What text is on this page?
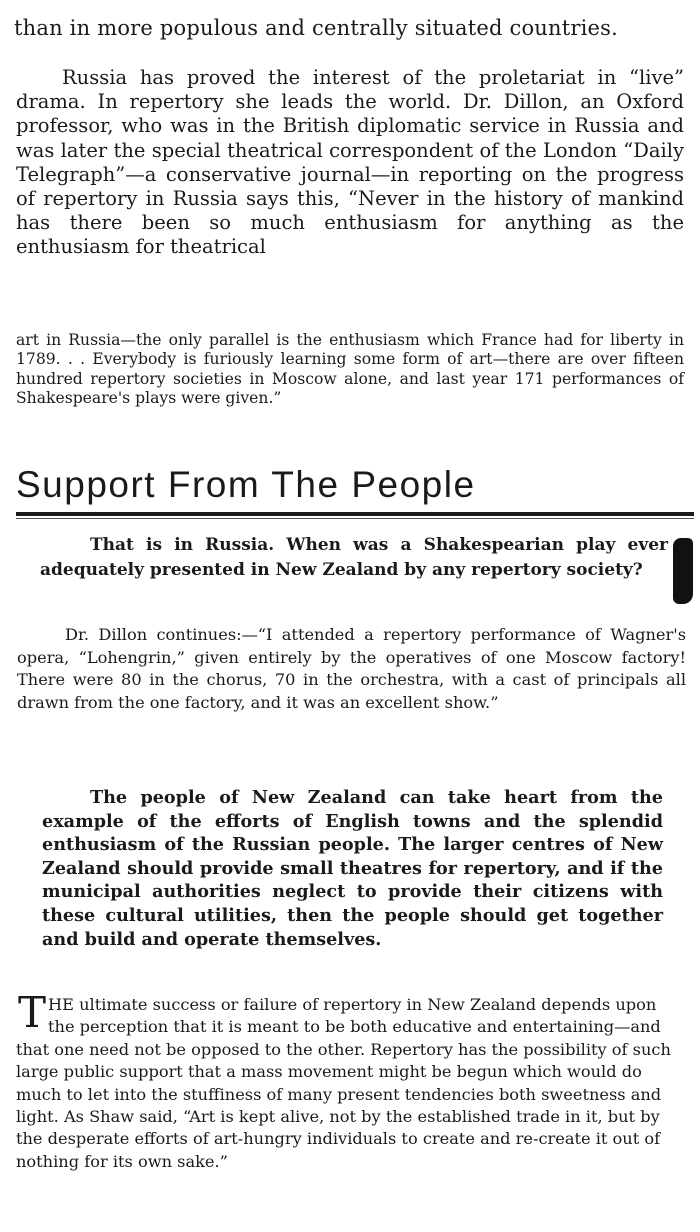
than in more populous and centrally situated countries.

Russia has proved the interest of the proletariat in “live” drama. In repertory she leads the world. Dr. Dillon, an Oxford professor, who was in the British diplomatic service in Russia and was later the special theatrical correspondent of the London “Daily Telegraph”—a conservative journal—in reporting on the progress of repertory in Russia says this, “Never in the history of mankind has there been so much enthusiasm for anything as the enthusiasm for theatrical

art in Russia—the only parallel is the enthusiasm which France had for liberty in 1789. . . Everybody is furiously learning some form of art—there are over fifteen hundred repertory societies in Moscow alone, and last year 171 performances of Shakespeare's plays were given.”

Support From The People

That is in Russia. When was a Shakespearian play ever adequately presented in New Zealand by any repertory society?

Dr. Dillon continues:—“I attended a repertory performance of Wagner's opera, “Lohengrin,” given entirely by the operatives of one Moscow factory! There were 80 in the chorus, 70 in the orchestra, with a cast of principals all drawn from the one factory, and it was an excellent show.”

The people of New Zealand can take heart from the example of the efforts of English towns and the splendid enthusiasm of the Russian people. The larger centres of New Zealand should provide small theatres for repertory, and if the municipal authorities neglect to provide their citizens with these cultural utilities, then the people should get together and build and operate themselves.

T HE ultimate success or failure of repertory in New Zealand depends upon the perception that it is meant to be both educative and entertaining—and that one need not be opposed to the other. Repertory has the possibility of such large public support that a mass movement might be begun which would do much to let into the stuffiness of many present tendencies both sweetness and light. As Shaw said, “Art is kept alive, not by the established trade in it, but by the desperate efforts of art-hungry individuals to create and re-create it out of nothing for its own sake.”
